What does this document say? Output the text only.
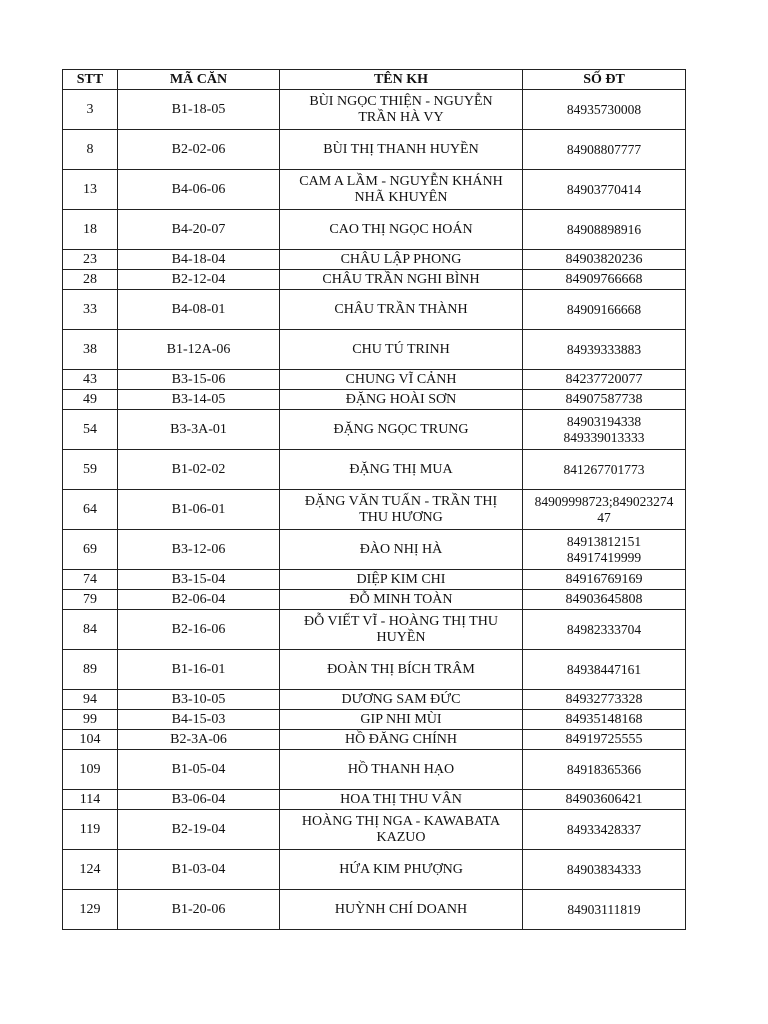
STT	MÃ CĂN	TÊN KH	SỐ ĐT
3	B1-18-05	BÙI NGỌC THIỆN - NGUYỄN
TRẦN HÀ VY	84935730008
8	B2-02-06	BÙI THỊ THANH HUYỀN	84908807777
13	B4-06-06	CAM A LẦM - NGUYỄN KHÁNH
NHÃ KHUYÊN	84903770414
18	B4-20-07	CAO THỊ NGỌC HOÁN	84908898916
23	B4-18-04	CHÂU LẬP PHONG	84903820236
28	B2-12-04	CHÂU TRẦN NGHI BÌNH	84909766668
33	B4-08-01	CHÂU TRẦN THÀNH	84909166668
38	B1-12A-06	CHU TÚ TRINH	84939333883
43	B3-15-06	CHUNG VĨ CẢNH	84237720077
49	B3-14-05	ĐẶNG HOÀI SƠN	84907587738
54	B3-3A-01	ĐẶNG NGỌC TRUNG	84903194338
849339013333
59	B1-02-02	ĐẶNG THỊ MUA	841267701773
64	B1-06-01	ĐẶNG VĂN TUẤN - TRẦN THỊ
THU HƯƠNG	84909998723;849023274
47
69	B3-12-06	ĐÀO NHỊ HÀ	84913812151
84917419999
74	B3-15-04	DIỆP KIM CHI	84916769169
79	B2-06-04	ĐỖ MINH TOÀN	84903645808
84	B2-16-06	ĐỖ VIẾT VĨ - HOÀNG THỊ THU
HUYỀN	84982333704
89	B1-16-01	ĐOÀN THỊ BÍCH TRÂM	84938447161
94	B3-10-05	DƯƠNG SAM ĐỨC	84932773328
99	B4-15-03	GIP NHI MÙI	84935148168
104	B2-3A-06	HỒ ĐĂNG CHÍNH	84919725555
109	B1-05-04	HỒ THANH HẠO	84918365366
114	B3-06-04	HOA THỊ THU VÂN	84903606421
119	B2-19-04	HOÀNG THỊ NGA - KAWABATA
KAZUO	84933428337
124	B1-03-04	HỨA KIM PHƯỢNG	84903834333
129	B1-20-06	HUỲNH CHÍ DOANH	84903111819
